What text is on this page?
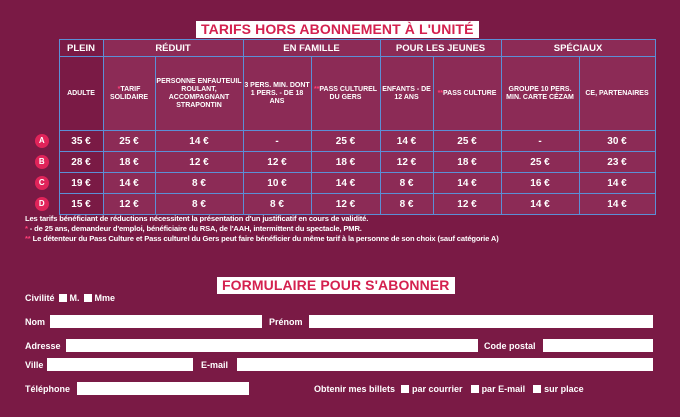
TARIFS HORS ABONNEMENT À L'UNITÉ
	PLEIN	RÉDUIT		EN FAMILLE		POUR LES JEUNES		SPÉCIAUX	
	ADULTE	*TARIF SOLIDAIRE	PERSONNE ENFAUTEUIL ROULANT, ACCOMPAGNANT STRAPONTIN	3 PERS. MIN. DONT 1 PERS. - DE 18 ANS	**PASS CULTUREL DU GERS	ENFANTS - DE 12 ANS	**PASS CULTURE	GROUPE 10 PERS. MIN. CARTE CÉZAM	CE, PARTENAIRES
A	35 €	25 €	14 €	-	25 €	14 €	25 €	-	30 €
B	28 €	18 €	12 €	12 €	18 €	12 €	18 €	25 €	23 €
C	19 €	14 €	8 €	10 €	14 €	8 €	14 €	16 €	14 €
D	15 €	12 €	8 €	8 €	12 €	8 €	12 €	14 €	14 €
Les tarifs bénéficiant de réductions nécessitent la présentation d'un justificatif en cours de validité.
* - de 25 ans, demandeur d'emploi, bénéficiaire du RSA, de l'AAH, intermittent du spectacle, PMR.
** Le détenteur du Pass Culture et Pass culturel du Gers peut faire bénéficier du même tarif à la personne de son choix (sauf catégorie A)
FORMULAIRE POUR S'ABONNER
Civilité M. Mme
Nom	Prénom
Adresse	Code postal
Ville	E-mail
Téléphone	Obtenir mes billets par courrier par E-mail sur place
